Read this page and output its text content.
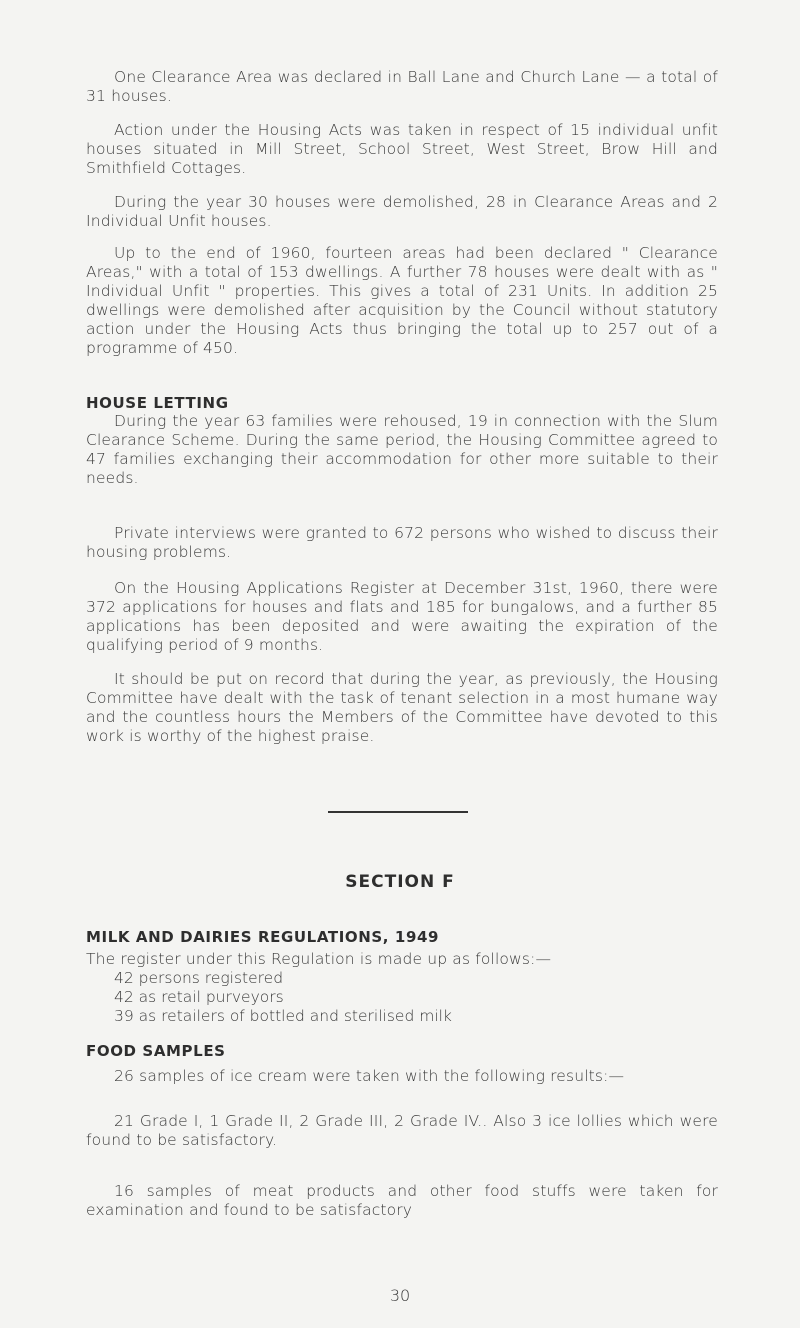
One Clearance Area was declared in Ball Lane and Church Lane — a total of 31 houses.

Action under the Housing Acts was taken in respect of 15 individual unfit houses situated in Mill Street, School Street, West Street, Brow Hill and Smithfield Cottages.

During the year 30 houses were demolished, 28 in Clearance Areas and 2 Individual Unfit houses.

Up to the end of 1960, fourteen areas had been declared " Clearance Areas," with a total of 153 dwellings. A further 78 houses were dealt with as " Individual Unfit " properties. This gives a total of 231 Units. In addition 25 dwellings were demolished after acquisition by the Council without statutory action under the Housing Acts thus bringing the total up to 257 out of a programme of 450.

HOUSE LETTING

During the year 63 families were rehoused, 19 in connection with the Slum Clearance Scheme. During the same period, the Housing Committee agreed to 47 families exchanging their accommodation for other more suitable to their needs.

Private interviews were granted to 672 persons who wished to discuss their housing problems.

On the Housing Applications Register at December 31st, 1960, there were 372 applications for houses and flats and 185 for bungalows, and a further 85 applications has been deposited and were awaiting the expiration of the qualifying period of 9 months.

It should be put on record that during the year, as previously, the Housing Committee have dealt with the task of tenant selection in a most humane way and the countless hours the Members of the Committee have devoted to this work is worthy of the highest praise.

SECTION F
MILK AND DAIRIES REGULATIONS, 1949

The register under this Regulation is made up as follows:—

42 persons registered

42 as retail purveyors

39 as retailers of bottled and sterilised milk

FOOD SAMPLES

26 samples of ice cream were taken with the following results:—

21 Grade I, 1 Grade II, 2 Grade III, 2 Grade IV.. Also 3 ice lollies which were found to be satisfactory.

16 samples of meat products and other food stuffs were taken for examination and found to be satisfactory

30
